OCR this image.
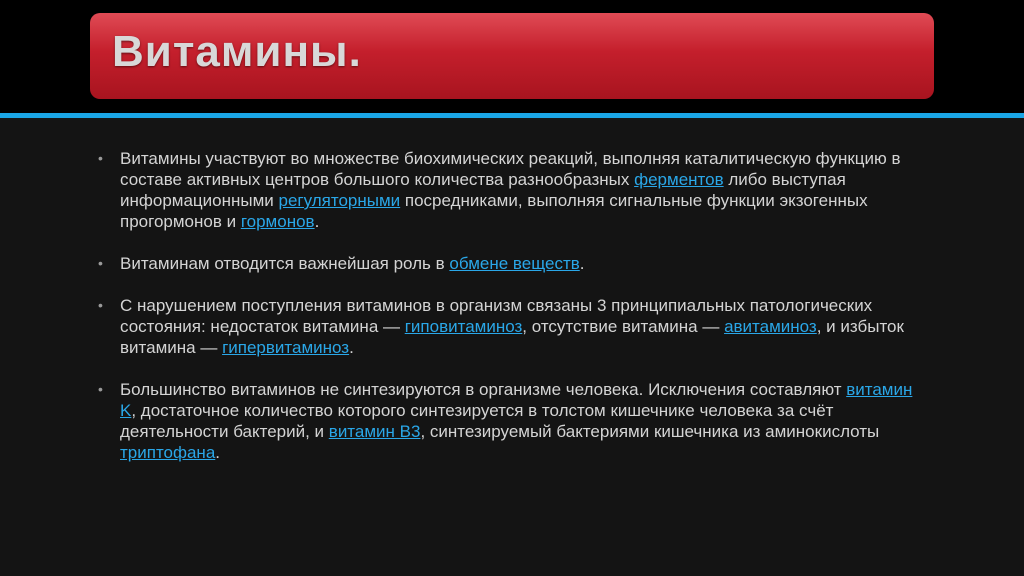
Витамины.
• Витамины участвуют во множестве биохимических реакций, выполняя каталитическую функцию в составе активных центров большого количества разнообразных ферментов либо выступая информационными регуляторными посредниками, выполняя сигнальные функции экзогенных прогормонов и гормонов.
• Витаминам отводится важнейшая роль в обмене веществ.
• С нарушением поступления витаминов в организм связаны 3 принципиальных патологических состояния: недостаток витамина — гиповитаминоз, отсутствие витамина — авитаминоз, и избыток витамина — гипервитаминоз.
• Большинство витаминов не синтезируются в организме человека. Исключения составляют витамин K, достаточное количество которого синтезируется в толстом кишечнике человека за счёт деятельности бактерий, и витамин B3, синтезируемый бактериями кишечника из аминокислоты триптофана.
